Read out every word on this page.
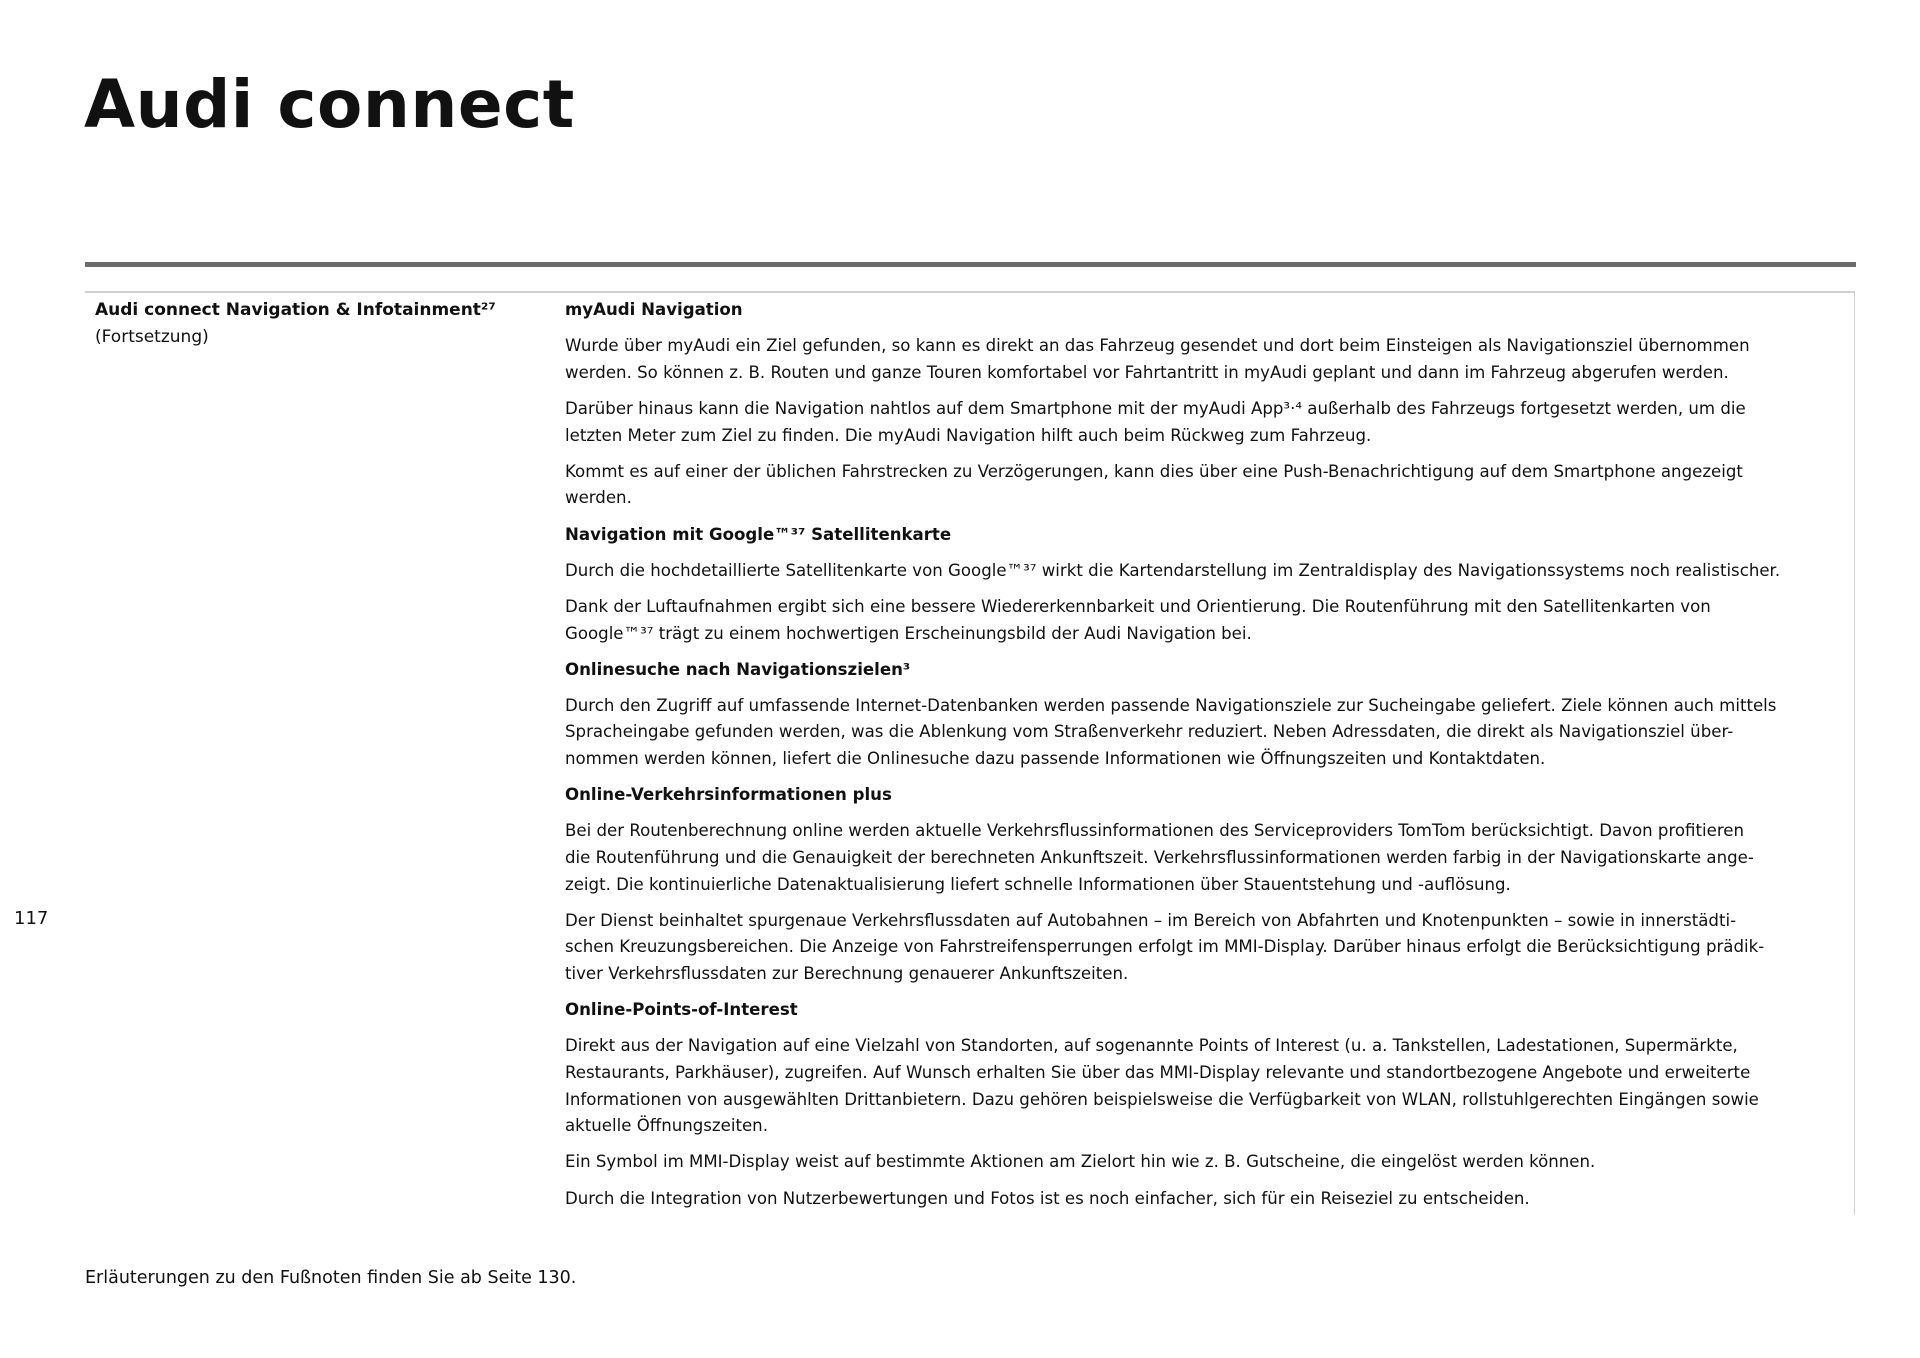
Audi connect
Audi connect Navigation & Infotainment²⁷
(Fortsetzung)
myAudi Navigation
Wurde über myAudi ein Ziel gefunden, so kann es direkt an das Fahrzeug gesendet und dort beim Einsteigen als Navigationsziel übernommen
werden. So können z. B. Routen und ganze Touren komfortabel vor Fahrtantritt in myAudi geplant und dann im Fahrzeug abgerufen werden.
Darüber hinaus kann die Navigation nahtlos auf dem Smartphone mit der myAudi App³·⁴ außerhalb des Fahrzeugs fortgesetzt werden, um die
letzten Meter zum Ziel zu finden. Die myAudi Navigation hilft auch beim Rückweg zum Fahrzeug.
Kommt es auf einer der üblichen Fahrstrecken zu Verzögerungen, kann dies über eine Push-Benachrichtigung auf dem Smartphone angezeigt
werden.
Navigation mit Google™³⁷ Satellitenkarte
Durch die hochdetaillierte Satellitenkarte von Google™³⁷ wirkt die Kartendarstellung im Zentraldisplay des Navigationssystems noch realistischer.
Dank der Luftaufnahmen ergibt sich eine bessere Wiedererkennbarkeit und Orientierung. Die Routenführung mit den Satellitenkarten von
Google™³⁷ trägt zu einem hochwertigen Erscheinungsbild der Audi Navigation bei.
Onlinesuche nach Navigationszielen³
Durch den Zugriff auf umfassende Internet-Datenbanken werden passende Navigationsziele zur Sucheingabe geliefert. Ziele können auch mittels
Spracheingabe gefunden werden, was die Ablenkung vom Straßenverkehr reduziert. Neben Adressdaten, die direkt als Navigationsziel über-
nommen werden können, liefert die Onlinesuche dazu passende Informationen wie Öffnungszeiten und Kontaktdaten.
Online-Verkehrsinformationen plus
Bei der Routenberechnung online werden aktuelle Verkehrsflussinformationen des Serviceproviders TomTom berücksichtigt. Davon profitieren
die Routenführung und die Genauigkeit der berechneten Ankunftszeit. Verkehrsflussinformationen werden farbig in der Navigationskarte ange-
zeigt. Die kontinuierliche Datenaktualisierung liefert schnelle Informationen über Stauentstehung und -auflösung.
Der Dienst beinhaltet spurgenaue Verkehrsflussdaten auf Autobahnen – im Bereich von Abfahrten und Knotenpunkten – sowie in innerstädti-
schen Kreuzungsbereichen. Die Anzeige von Fahrstreifensperrungen erfolgt im MMI-Display. Darüber hinaus erfolgt die Berücksichtigung prädik-
tiver Verkehrsflussdaten zur Berechnung genauerer Ankunftszeiten.
Online-Points-of-Interest
Direkt aus der Navigation auf eine Vielzahl von Standorten, auf sogenannte Points of Interest (u. a. Tankstellen, Ladestationen, Supermärkte,
Restaurants, Parkhäuser), zugreifen. Auf Wunsch erhalten Sie über das MMI-Display relevante und standortbezogene Angebote und erweiterte
Informationen von ausgewählten Drittanbietern. Dazu gehören beispielsweise die Verfügbarkeit von WLAN, rollstuhlgerechten Eingängen sowie
aktuelle Öffnungszeiten.
Ein Symbol im MMI-Display weist auf bestimmte Aktionen am Zielort hin wie z. B. Gutscheine, die eingelöst werden können.
Durch die Integration von Nutzerbewertungen und Fotos ist es noch einfacher, sich für ein Reiseziel zu entscheiden.
117
Erläuterungen zu den Fußnoten finden Sie ab Seite 130.
